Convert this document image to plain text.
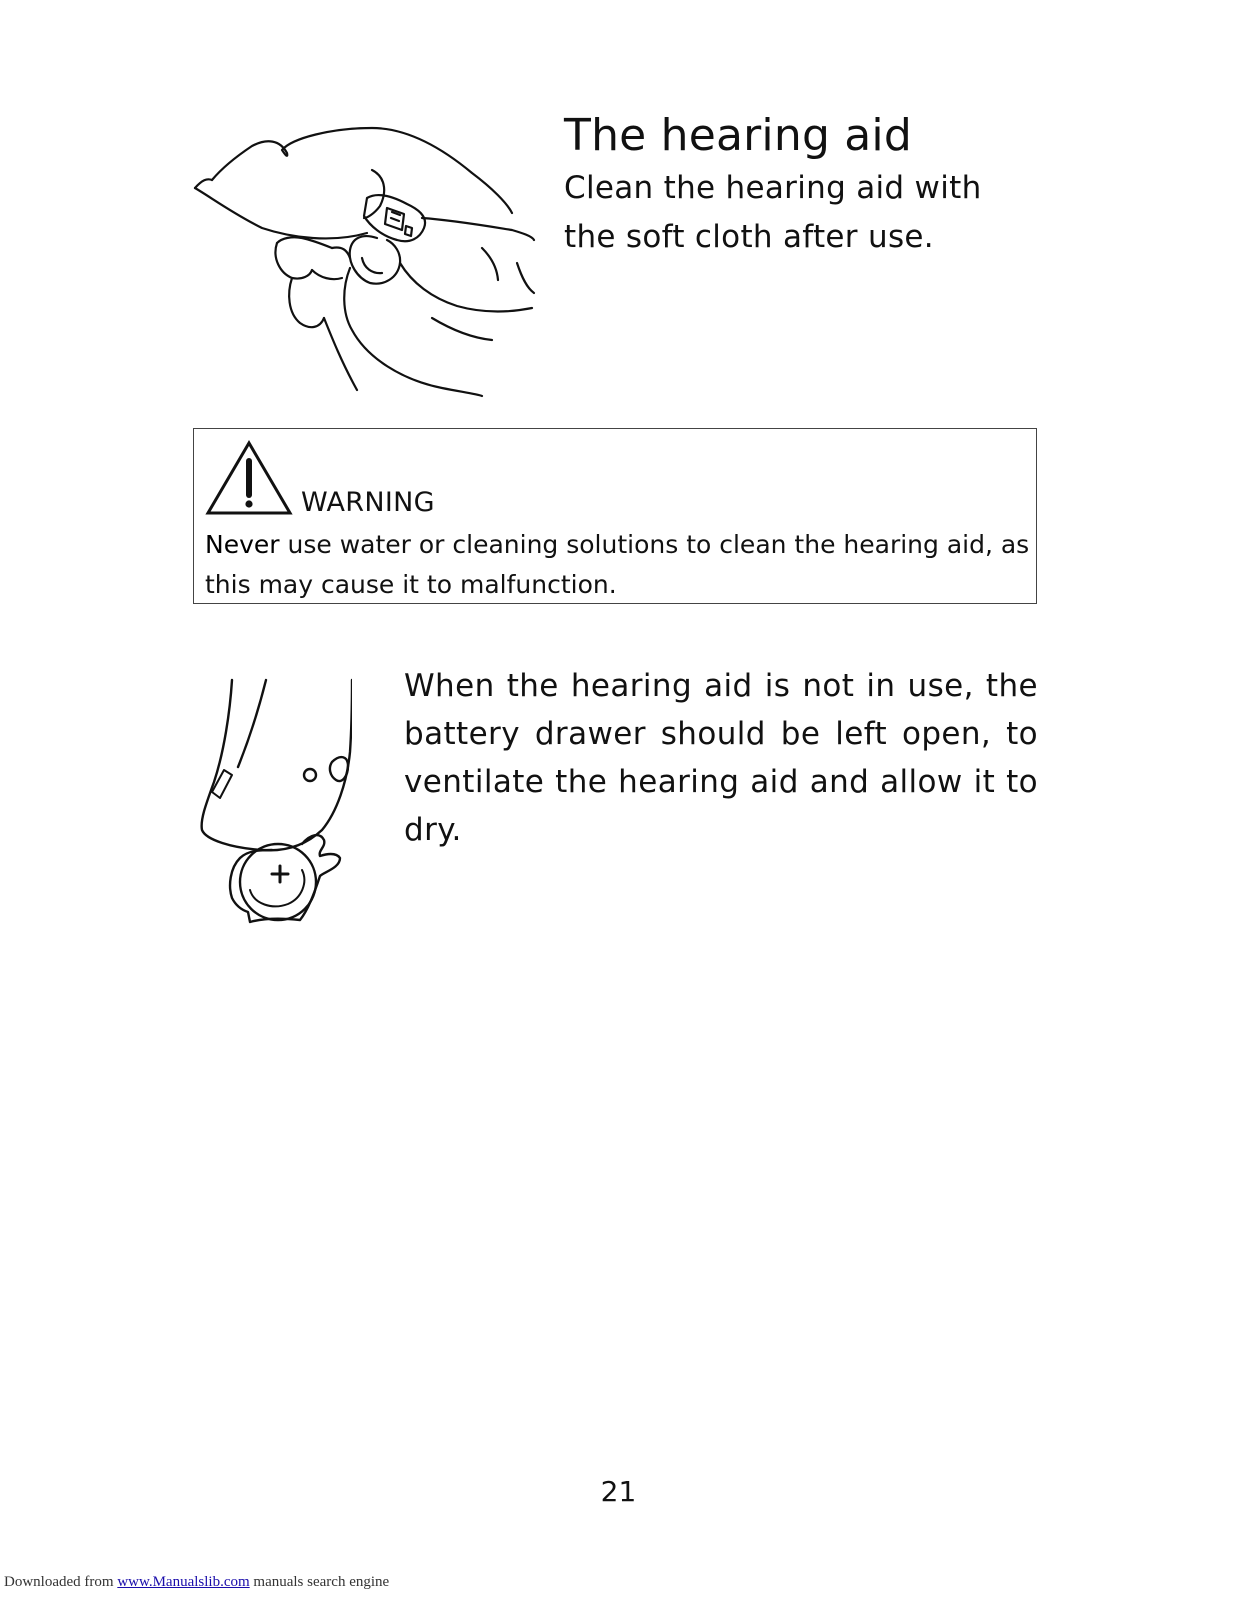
The hearing aid

Clean the hearing aid with the soft cloth after use.

WARNING

Never use water or cleaning solutions to clean the hearing aid, as this may cause it to malfunction.

When the hearing aid is not in use, the battery drawer should be left open, to ventilate the hearing aid and allow it to dry.

21
Downloaded from www.Manualslib.com manuals search engine
